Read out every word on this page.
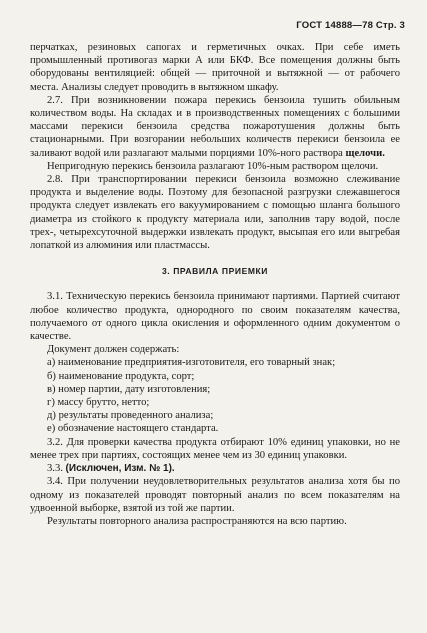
ГОСТ 14888—78 Стр. 3

перчатках, резиновых сапогах и герметичных очках. При себе иметь промышленный противогаз марки А или БКФ. Все помещения должны быть оборудованы вентиляцией: общей — приточной и вытяжной — от рабочего места. Анализы следует проводить в вытяжном шкафу.

2.7. При возникновении пожара перекись бензоила тушить обильным количеством воды. На складах и в производственных помещениях с большими массами перекиси бензоила средства пожаротушения должны быть стационарными. При возгорании небольших количеств перекиси бензоила ее заливают водой или разлагают малыми порциями 10%-ного раствора щелочи.

Непригодную перекись бензоила разлагают 10%-ным раствором щелочи.

2.8. При транспортировании перекиси бензоила возможно слеживание продукта и выделение воды. Поэтому для безопасной разгрузки слежавшегося продукта следует извлекать его вакуумированием с помощью шланга большого диаметра из стойкого к продукту материала или, заполнив тару водой, после трех-, четырехсуточной выдержки извлекать продукт, высыпая его или выгребая лопаткой из алюминия или пластмассы.

3. ПРАВИЛА ПРИЕМКИ

3.1. Техническую перекись бензоила принимают партиями. Партией считают любое количество продукта, однородного по своим показателям качества, получаемого от одного цикла окисления и оформленного одним документом о качестве.

Документ должен содержать:

а) наименование предприятия-изготовителя, его товарный знак;

б) наименование продукта, сорт;

в) номер партии, дату изготовления;

г) массу брутто, нетто;

д) результаты проведенного анализа;

е) обозначение настоящего стандарта.

3.2. Для проверки качества продукта отбирают 10% единиц упаковки, но не менее трех при партиях, состоящих менее чем из 30 единиц упаковки.

3.3. (Исключен, Изм. № 1).

3.4. При получении неудовлетворительных результатов анализа хотя бы по одному из показателей проводят повторный анализ по всем показателям на удвоенной выборке, взятой из той же партии.

Результаты повторного анализа распространяются на всю партию.
